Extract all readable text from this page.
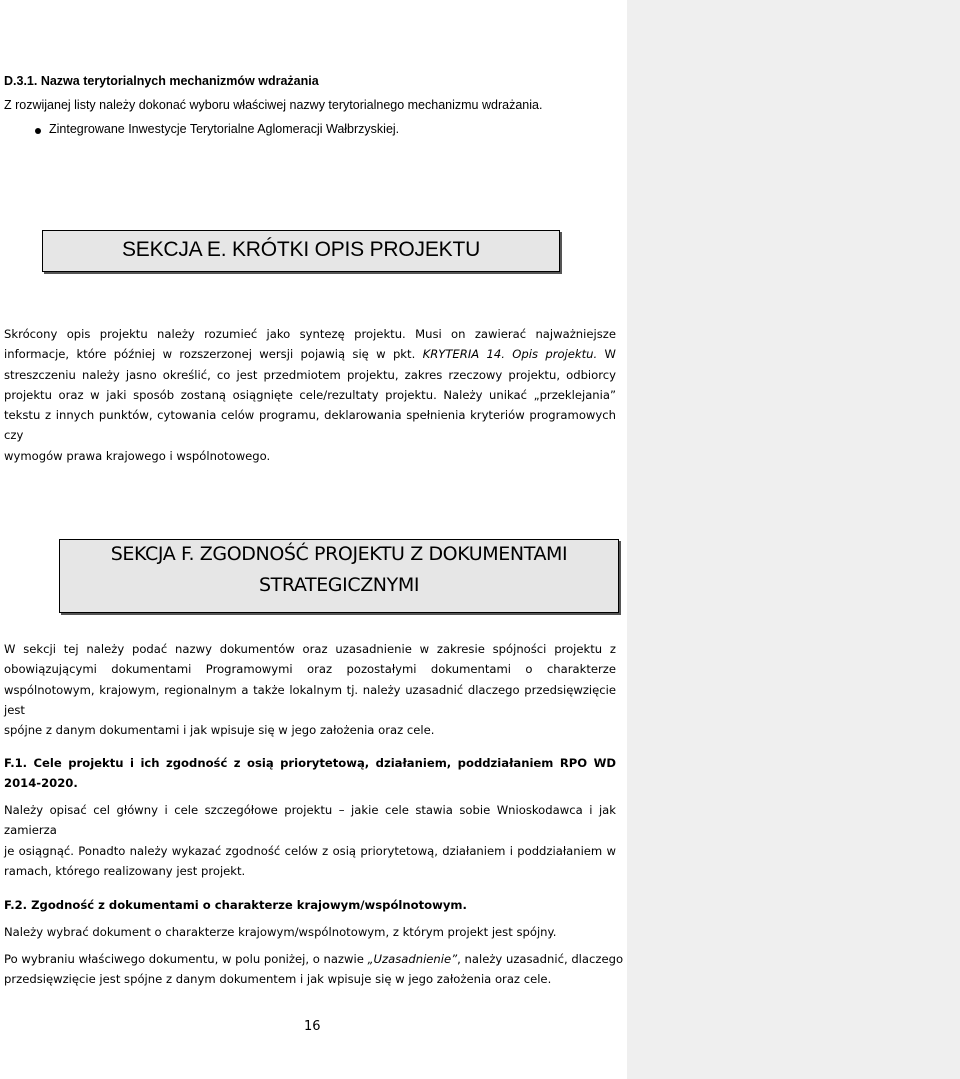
D.3.1. Nazwa terytorialnych mechanizmów wdrażania
Z rozwijanej listy należy dokonać wyboru właściwej nazwy terytorialnego mechanizmu wdrażania.
Zintegrowane Inwestycje Terytorialne Aglomeracji Wałbrzyskiej.
SEKCJA E. KRÓTKI OPIS PROJEKTU
Skrócony opis projektu należy rozumieć jako syntezę projektu. Musi on zawierać najważniejsze
informacje, które później w rozszerzonej wersji pojawią się w pkt. KRYTERIA 14. Opis projektu. W
streszczeniu należy jasno określić, co jest przedmiotem projektu, zakres rzeczowy projektu, odbiorcy
projektu oraz w jaki sposób zostaną osiągnięte cele/rezultaty projektu. Należy unikać „przeklejania”
tekstu z innych punktów, cytowania celów programu, deklarowania spełnienia kryteriów programowych czy
wymogów prawa krajowego i wspólnotowego.
SEKCJA F. ZGODNOŚĆ PROJEKTU Z DOKUMENTAMI
STRATEGICZNYMI
W sekcji tej należy podać nazwy dokumentów oraz uzasadnienie w zakresie spójności projektu z
obowiązującymi dokumentami Programowymi oraz pozostałymi dokumentami o charakterze
wspólnotowym, krajowym, regionalnym a także lokalnym tj. należy uzasadnić dlaczego przedsięwzięcie jest
spójne z danym dokumentami i jak wpisuje się w jego założenia oraz cele.
F.1. Cele projektu i ich zgodność z osią priorytetową, działaniem, poddziałaniem RPO WD
2014-2020.
Należy opisać cel główny i cele szczegółowe projektu – jakie cele stawia sobie Wnioskodawca i jak zamierza
je osiągnąć. Ponadto należy wykazać zgodność celów z osią priorytetową, działaniem i poddziałaniem w
ramach, którego realizowany jest projekt.
F.2. Zgodność z dokumentami o charakterze krajowym/wspólnotowym.
Należy wybrać dokument o charakterze krajowym/wspólnotowym, z którym projekt jest spójny.
Po wybraniu właściwego dokumentu, w polu poniżej, o nazwie „Uzasadnienie”, należy uzasadnić, dlaczego
przedsięwzięcie jest spójne z danym dokumentem i jak wpisuje się w jego założenia oraz cele.
16
